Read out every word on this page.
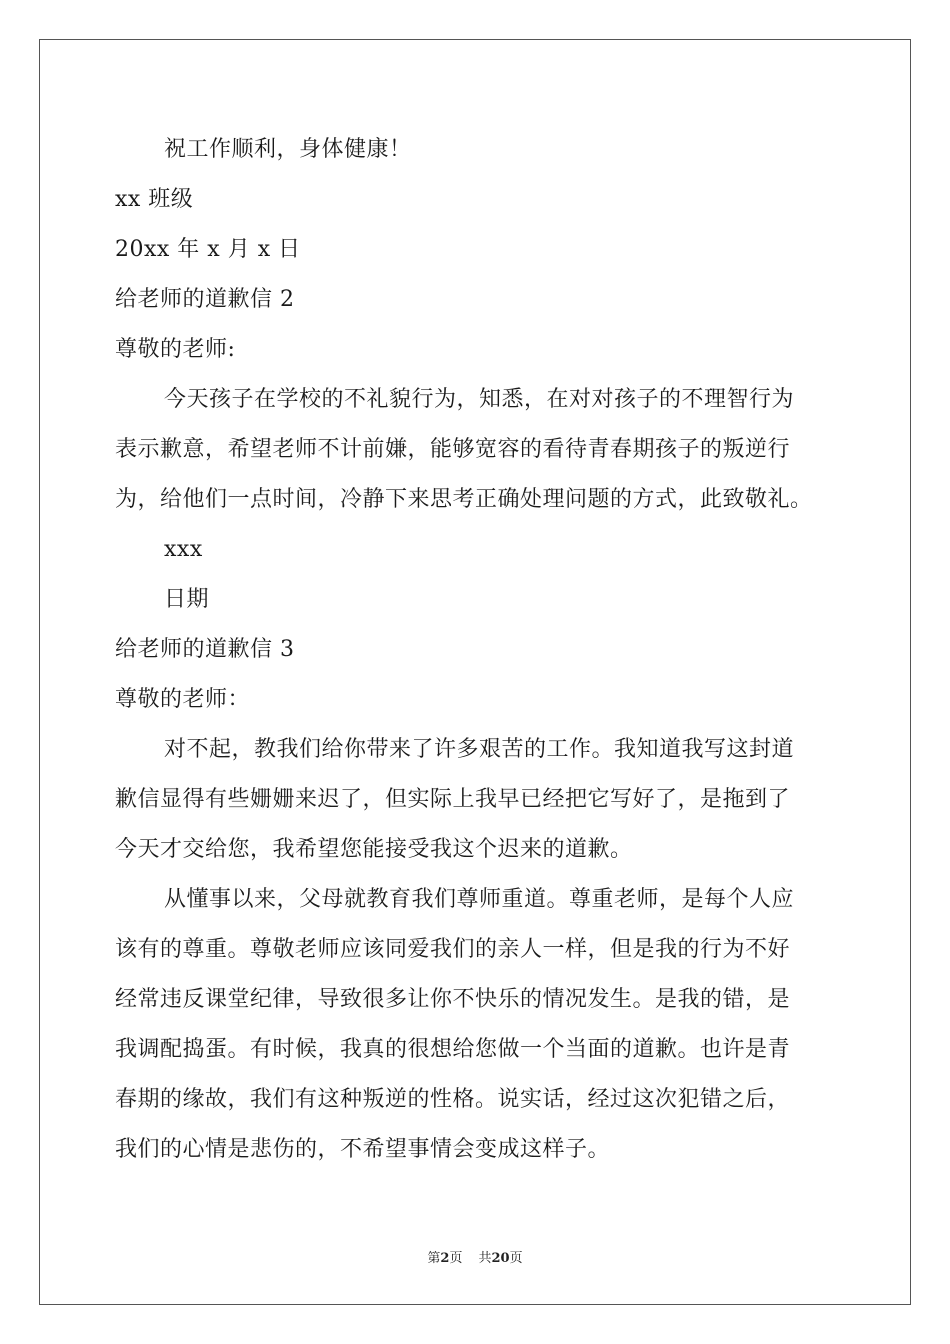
祝工作顺利，身体健康！
xx 班级
20xx 年 x 月 x 日
给老师的道歉信 2
尊敬的老师:
今天孩子在学校的不礼貌行为，知悉，在对对孩子的不理智行为
表示歉意，希望老师不计前嫌，能够宽容的看待青春期孩子的叛逆行
为，给他们一点时间，冷静下来思考正确处理问题的方式，此致敬礼。
xxx
日期
给老师的道歉信 3
尊敬的老师：
对不起，教我们给你带来了许多艰苦的工作。我知道我写这封道
歉信显得有些姗姗来迟了，但实际上我早已经把它写好了，是拖到了
今天才交给您，我希望您能接受我这个迟来的道歉。
从懂事以来，父母就教育我们尊师重道。尊重老师，是每个人应
该有的尊重。尊敬老师应该同爱我们的亲人一样，但是我的行为不好
经常违反课堂纪律，导致很多让你不快乐的情况发生。是我的错，是
我调配捣蛋。有时候，我真的很想给您做一个当面的道歉。也许是青
春期的缘故，我们有这种叛逆的性格。说实话，经过这次犯错之后，
我们的心情是悲伤的，不希望事情会变成这样子。
第2页 共20页
